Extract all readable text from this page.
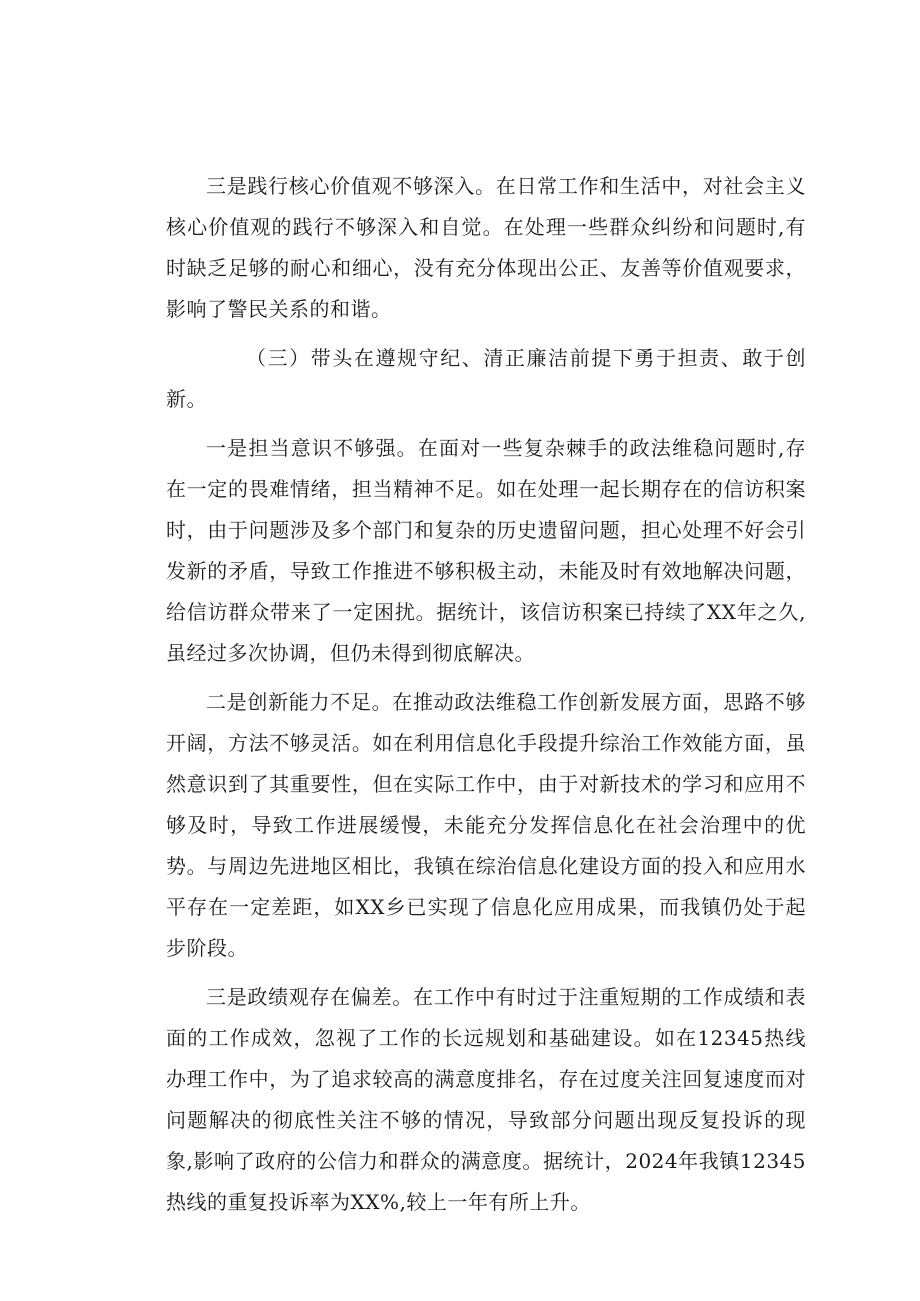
三是践行核心价值观不够深入。在日常工作和生活中，对社会主义核心价值观的践行不够深入和自觉。在处理一些群众纠纷和问题时,有时缺乏足够的耐心和细心，没有充分体现出公正、友善等价值观要求，影响了警民关系的和谐。

（三）带头在遵规守纪、清正廉洁前提下勇于担责、敢于创新。

一是担当意识不够强。在面对一些复杂棘手的政法维稳问题时,存在一定的畏难情绪，担当精神不足。如在处理一起长期存在的信访积案时，由于问题涉及多个部门和复杂的历史遗留问题，担心处理不好会引发新的矛盾，导致工作推进不够积极主动，未能及时有效地解决问题，给信访群众带来了一定困扰。据统计，该信访积案已持续了XX年之久,虽经过多次协调，但仍未得到彻底解决。

二是创新能力不足。在推动政法维稳工作创新发展方面，思路不够开阔，方法不够灵活。如在利用信息化手段提升综治工作效能方面，虽然意识到了其重要性，但在实际工作中，由于对新技术的学习和应用不够及时，导致工作进展缓慢，未能充分发挥信息化在社会治理中的优势。与周边先进地区相比，我镇在综治信息化建设方面的投入和应用水平存在一定差距，如XX乡已实现了信息化应用成果，而我镇仍处于起步阶段。

三是政绩观存在偏差。在工作中有时过于注重短期的工作成绩和表面的工作成效，忽视了工作的长远规划和基础建设。如在12345热线办理工作中，为了追求较高的满意度排名，存在过度关注回复速度而对问题解决的彻底性关注不够的情况，导致部分问题出现反复投诉的现象,影响了政府的公信力和群众的满意度。据统计，2024年我镇12345热线的重复投诉率为XX%,较上一年有所上升。
